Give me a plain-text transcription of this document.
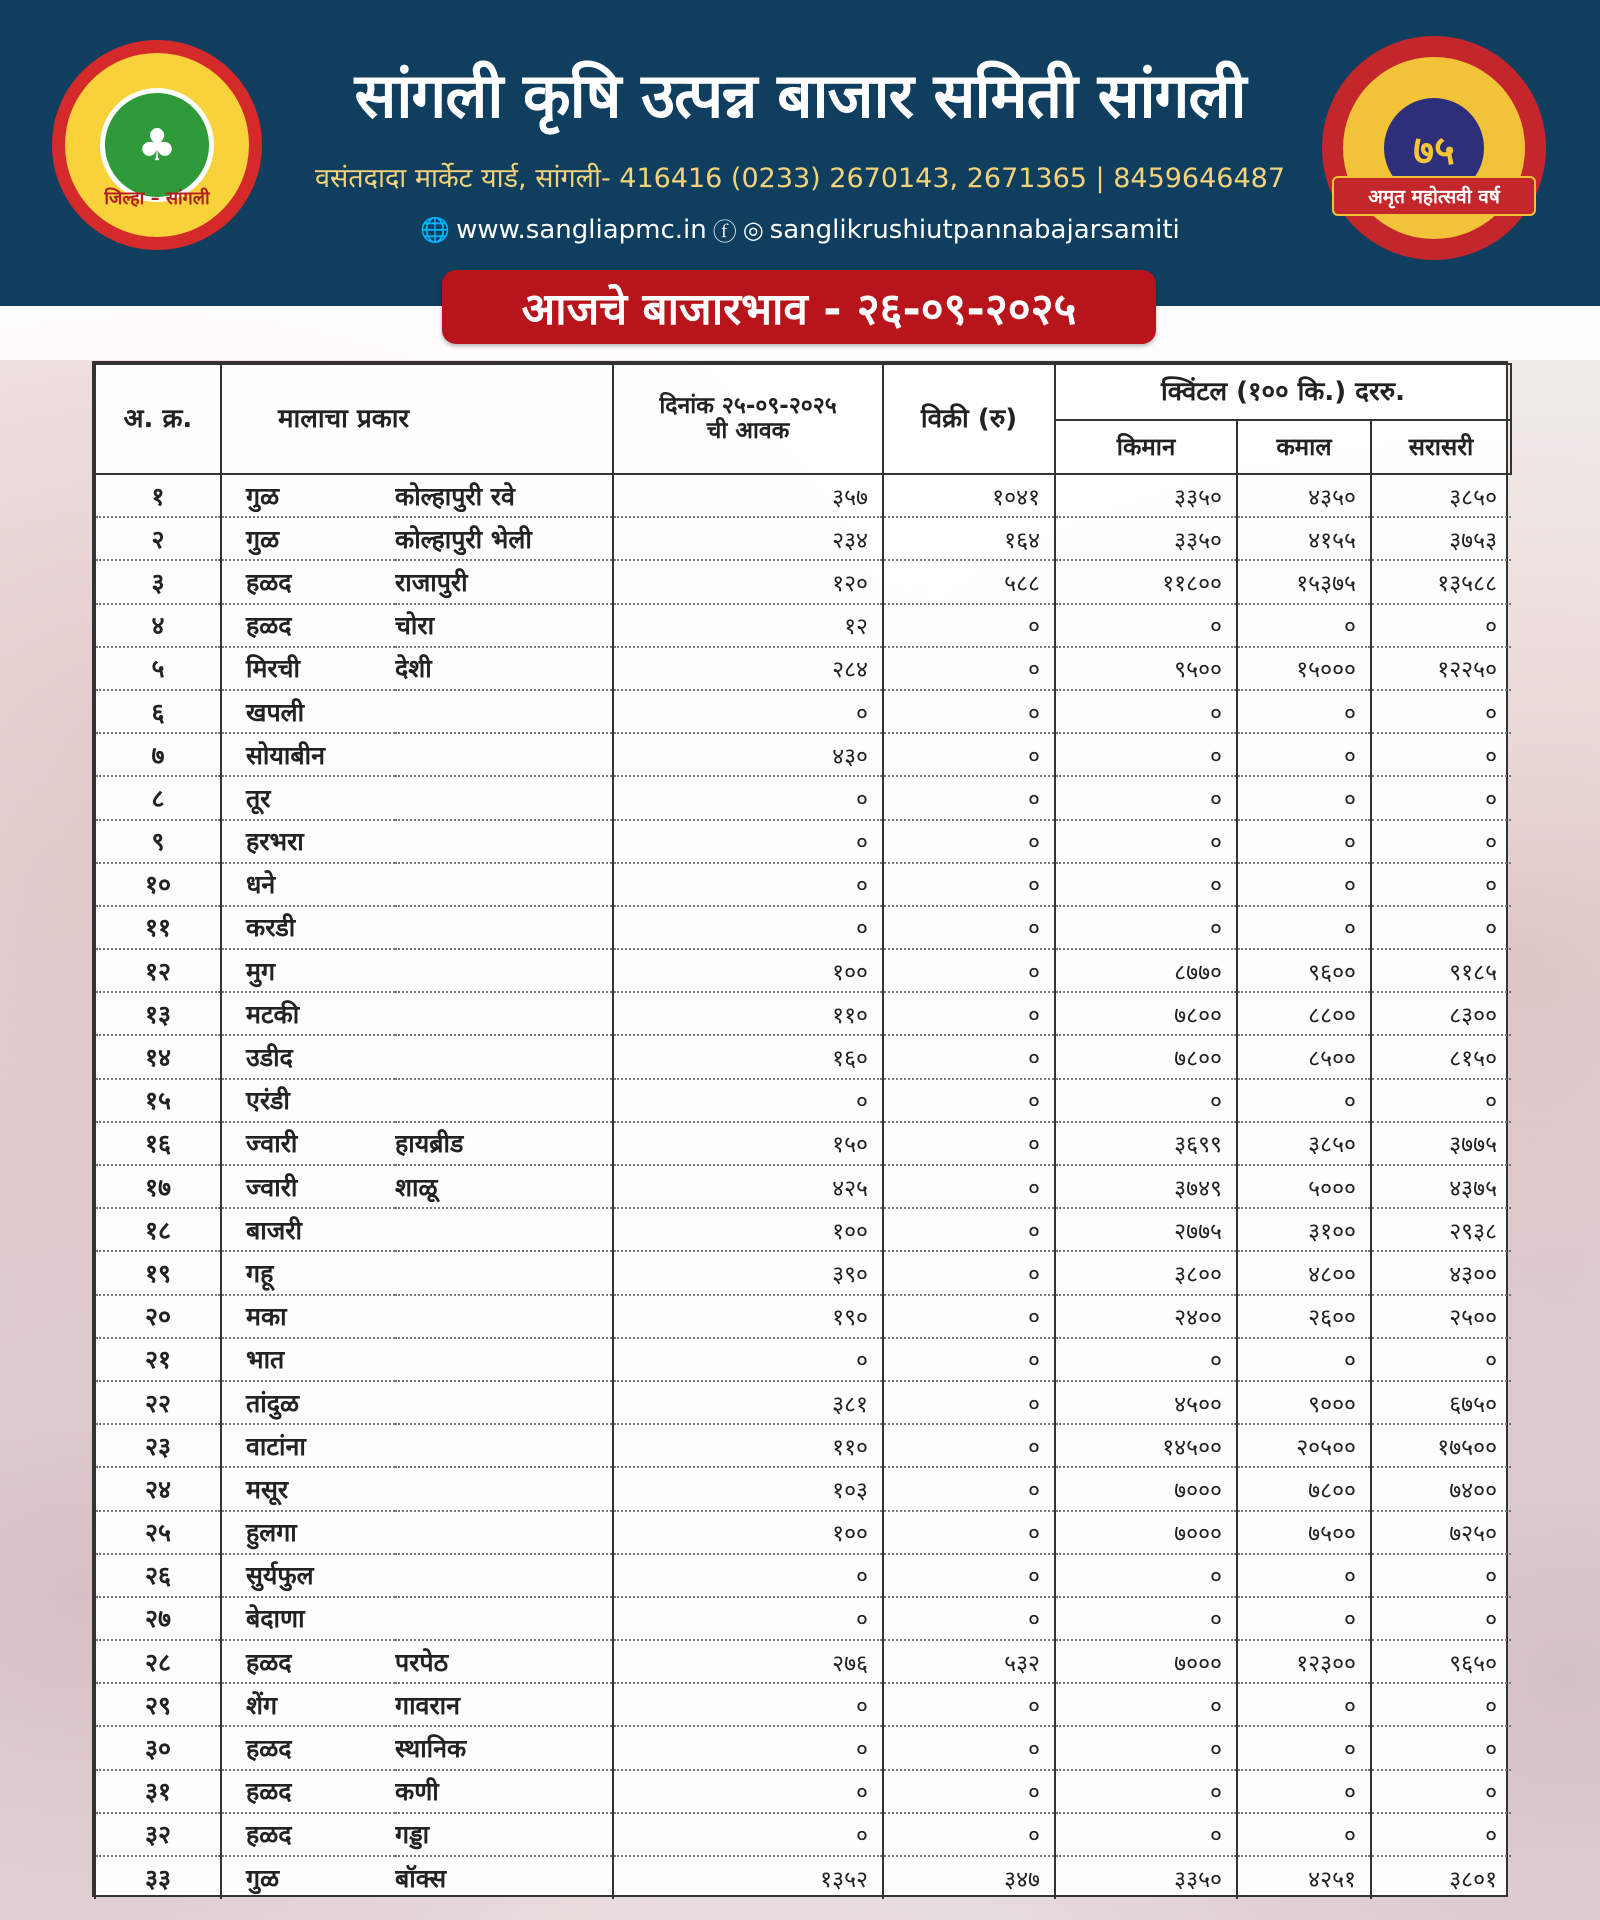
♣
जिल्हा – सांगली
सांगली कृषि उत्पन्न बाजार समिती सांगली
वसंतदादा मार्केट यार्ड, सांगली- 416416 (0233) 2670143, 2671365 | 8459646487
🌐 www.sangliapmc.in ⓕ ◎ sanglikrushiutpannabajarsamiti
७५
अमृत महोत्सवी वर्ष
आजचे बाजारभाव - २६-०९-२०२५
अ. क्र.	मालाचा प्रकार		दिनांक २५-०९-२०२५ ची आवक	विक्री (रु)	क्विंटल (१०० कि.) दररु.		
					किमान	कमाल	सरासरी
१	गुळ	कोल्हापुरी रवे	३५७	१०४१	३३५०	४३५०	३८५०
२	गुळ	कोल्हापुरी भेली	२३४	१६४	३३५०	४१५५	३७५३
३	हळद	राजापुरी	१२०	५८८	११८००	१५३७५	१३५८८
४	हळद	चोरा	१२	०	०	०	०
५	मिरची	देशी	२८४	०	९५००	१५०००	१२२५०
६	खपली		०	०	०	०	०
७	सोयाबीन		४३०	०	०	०	०
८	तूर		०	०	०	०	०
९	हरभरा		०	०	०	०	०
१०	धने		०	०	०	०	०
११	करडी		०	०	०	०	०
१२	मुग		१००	०	८७७०	९६००	९१८५
१३	मटकी		११०	०	७८००	८८००	८३००
१४	उडीद		१६०	०	७८००	८५००	८१५०
१५	एरंडी		०	०	०	०	०
१६	ज्वारी	हायब्रीड	१५०	०	३६९९	३८५०	३७७५
१७	ज्वारी	शाळू	४२५	०	३७४९	५०००	४३७५
१८	बाजरी		१००	०	२७७५	३१००	२९३८
१९	गहू		३९०	०	३८००	४८००	४३००
२०	मका		१९०	०	२४००	२६००	२५००
२१	भात		०	०	०	०	०
२२	तांदुळ		३८१	०	४५००	९०००	६७५०
२३	वाटांना		११०	०	१४५००	२०५००	१७५००
२४	मसूर		१०३	०	७०००	७८००	७४००
२५	हुलगा		१००	०	७०००	७५००	७२५०
२६	सुर्यफुल		०	०	०	०	०
२७	बेदाणा		०	०	०	०	०
२८	हळद	परपेठ	२७६	५३२	७०००	१२३००	९६५०
२९	शेंग	गावरान	०	०	०	०	०
३०	हळद	स्थानिक	०	०	०	०	०
३१	हळद	कणी	०	०	०	०	०
३२	हळद	गड्डा	०	०	०	०	०
३३	गुळ	बॉक्स	१३५२	३४७	३३५०	४२५१	३८०१
